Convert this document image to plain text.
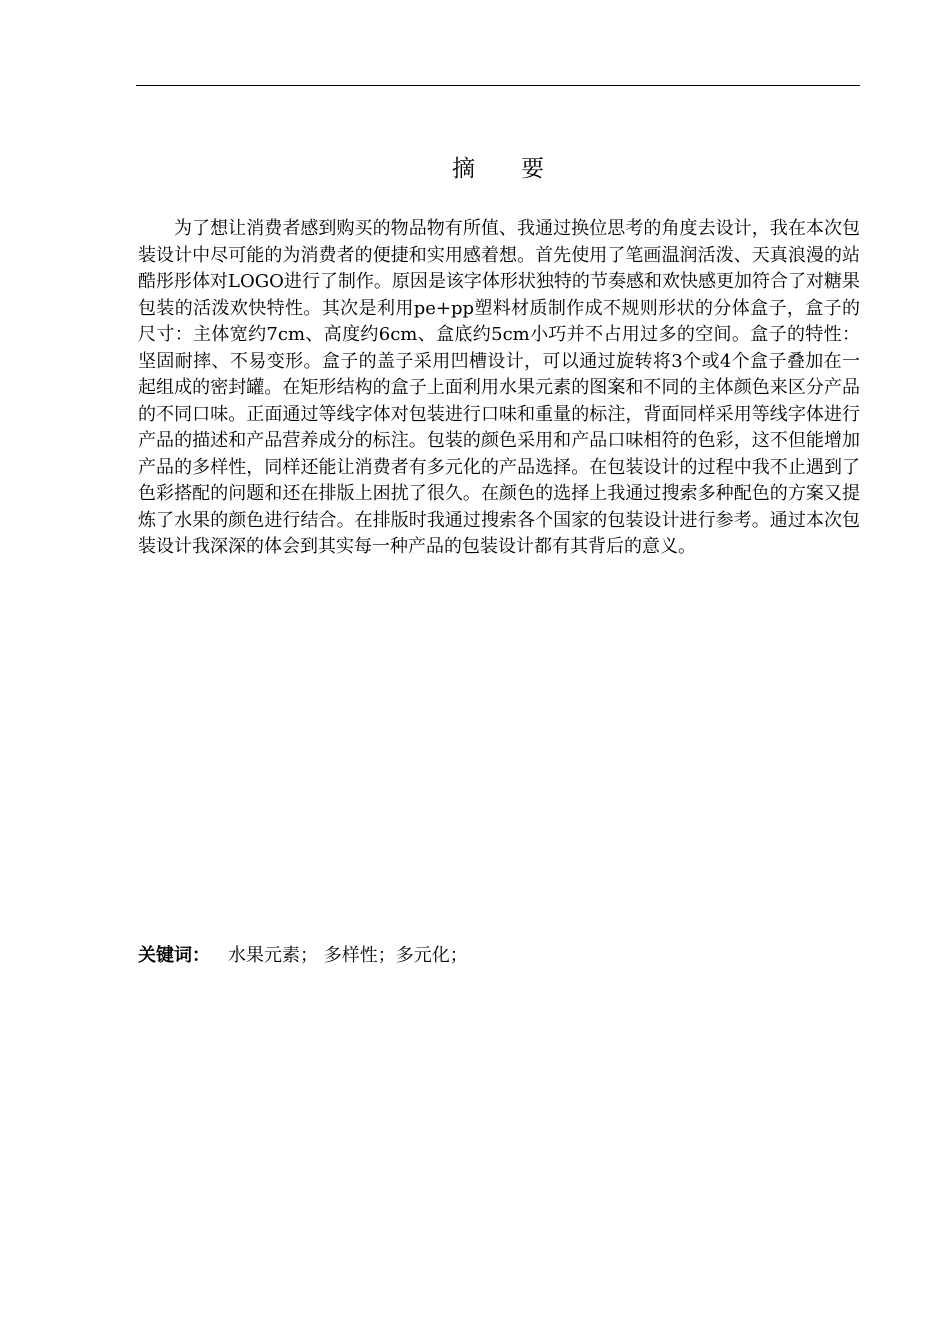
摘 要

为了想让消费者感到购买的物品物有所值、我通过换位思考的角度去设计，我在本次包装设计中尽可能的为消费者的便捷和实用感着想。首先使用了笔画温润活泼、天真浪漫的站酷彤彤体对LOGO进行了制作。原因是该字体形状独特的节奏感和欢快感更加符合了对糖果包装的活泼欢快特性。其次是利用pe+pp塑料材质制作成不规则形状的分体盒子，盒子的尺寸：主体宽约7cm、高度约6cm、盒底约5cm小巧并不占用过多的空间。盒子的特性：坚固耐摔、不易变形。盒子的盖子采用凹槽设计，可以通过旋转将3个或4个盒子叠加在一起组成的密封罐。在矩形结构的盒子上面利用水果元素的图案和不同的主体颜色来区分产品的不同口味。正面通过等线字体对包装进行口味和重量的标注，背面同样采用等线字体进行产品的描述和产品营养成分的标注。包装的颜色采用和产品口味相符的色彩，这不但能增加产品的多样性，同样还能让消费者有多元化的产品选择。在包装设计的过程中我不止遇到了色彩搭配的问题和还在排版上困扰了很久。在颜色的选择上我通过搜索多种配色的方案又提炼了水果的颜色进行结合。在排版时我通过搜索各个国家的包装设计进行参考。通过本次包装设计我深深的体会到其实每一种产品的包装设计都有其背后的意义。

关键词： 水果元素； 多样性；多元化；
